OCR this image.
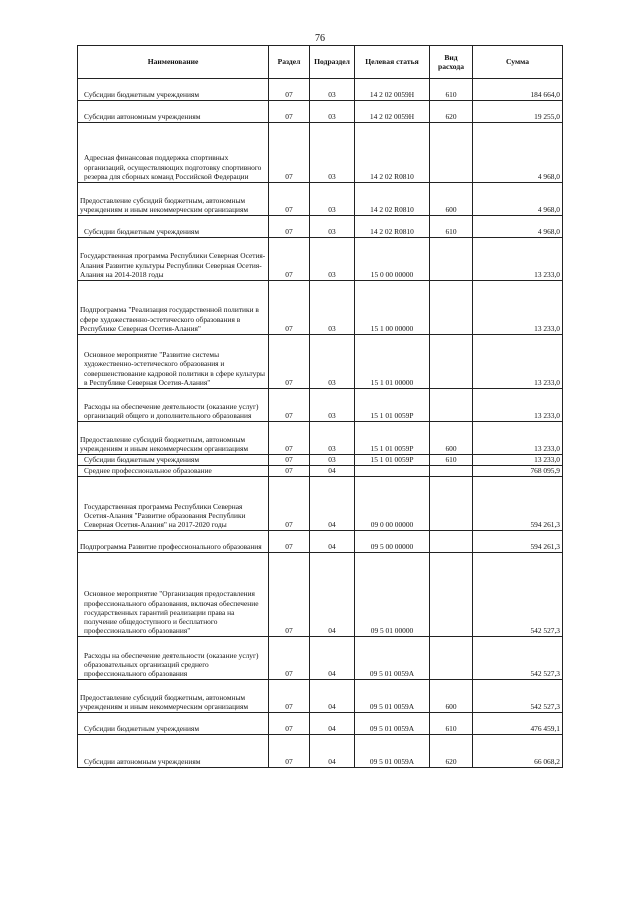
76
Наименование	Раздел	Подраздел	Целевая статья	Вид расхода	Сумма
Субсидии бюджетным учреждениям	07	03	14 2 02 0059Н	610	184 664,0
Субсидии автономным учреждениям	07	03	14 2 02 0059Н	620	19 255,0
Адресная финансовая поддержка спортивных организаций, осуществляющих подготовку спортивного резерва для сборных команд Российской Федерации	07	03	14 2 02 R0810		4 968,0
Предоставление субсидий бюджетным, автономным учреждениям и иным некоммерческим организациям	07	03	14 2 02 R0810	600	4 968,0
Субсидии бюджетным учреждениям	07	03	14 2 02 R0810	610	4 968,0
Государственная программа Республики Северная Осетия-Алания Развитие культуры Республики Северная Осетия-Алания на 2014-2018 годы	07	03	15 0 00 00000		13 233,0
Подпрограмма "Реализация государственной политики в сфере художественно-эстетического образования в Республике Северная Осетия-Алания"	07	03	15 1 00 00000		13 233,0
Основное мероприятие "Развитие системы художественно-эстетического образования и совершенствование кадровой политики в сфере культуры в Республике Северная Осетия-Алания"	07	03	15 1 01 00000		13 233,0
Расходы на обеспечение деятельности (оказание услуг) организаций общего и дополнительного образования	07	03	15 1 01 0059Р		13 233,0
Предоставление субсидий бюджетным, автономным учреждениям и иным некоммерческим организациям	07	03	15 1 01 0059Р	600	13 233,0
Субсидии бюджетным учреждениям	07	03	15 1 01 0059Р	610	13 233,0
Среднее профессиональное образование	07	04			768 095,9
Государственная программа Республики Северная Осетия-Алания "Развитие образования Республики Северная Осетия-Алания" на 2017-2020 годы	07	04	09 0 00 00000		594 261,3
Подпрограмма Развитие профессионального образования	07	04	09 5 00 00000		594 261,3
Основное мероприятие "Организация предоставления профессионального образования, включая обеспечение государственных гарантий реализации права на получение общедоступного и бесплатного профессионального образования"	07	04	09 5 01 00000		542 527,3
Расходы на обеспечение деятельности (оказание услуг) образовательных организаций среднего профессионального образования	07	04	09 5 01 0059А		542 527,3
Предоставление субсидий бюджетным, автономным учреждениям и иным некоммерческим организациям	07	04	09 5 01 0059А	600	542 527,3
Субсидии бюджетным учреждениям	07	04	09 5 01 0059А	610	476 459,1
Субсидии автономным учреждениям	07	04	09 5 01 0059А	620	66 068,2
